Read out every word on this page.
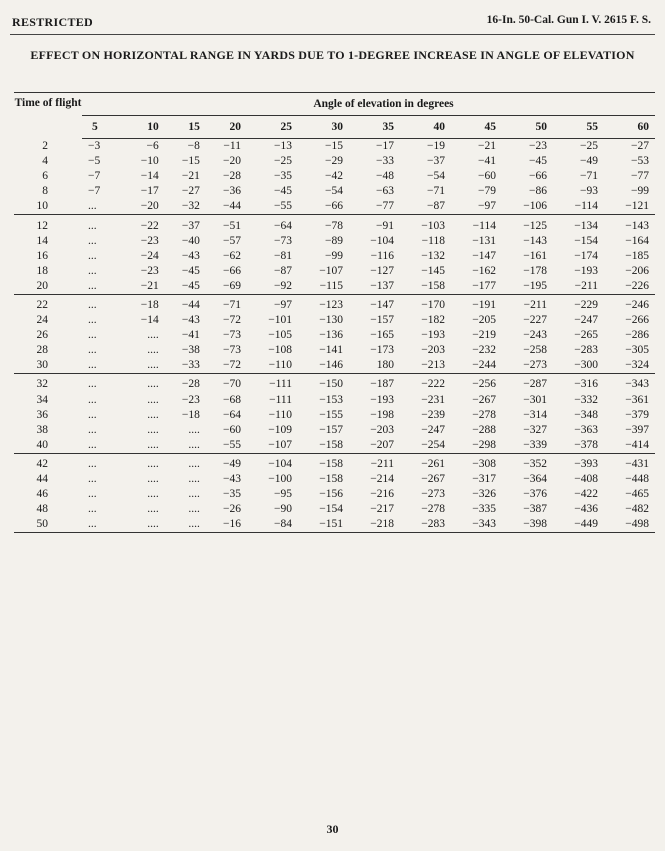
RESTRICTED	16-In. 50-Cal. Gun I. V. 2615 F. S.
EFFECT ON HORIZONTAL RANGE IN YARDS DUE TO 1-DEGREE INCREASE IN ANGLE OF ELEVATION
Time of flight	Angle of elevation in degrees											
	5	10	15	20	25	30	35	40	45	50	55	60
2	−3	−6	−8	−11	−13	−15	−17	−19	−21	−23	−25	−27
4	−5	−10	−15	−20	−25	−29	−33	−37	−41	−45	−49	−53
6	−7	−14	−21	−28	−35	−42	−48	−54	−60	−66	−71	−77
8	−7	−17	−27	−36	−45	−54	−63	−71	−79	−86	−93	−99
10	...	−20	−32	−44	−55	−66	−77	−87	−97	−106	−114	−121
12	...	−22	−37	−51	−64	−78	−91	−103	−114	−125	−134	−143
14	...	−23	−40	−57	−73	−89	−104	−118	−131	−143	−154	−164
16	...	−24	−43	−62	−81	−99	−116	−132	−147	−161	−174	−185
18	...	−23	−45	−66	−87	−107	−127	−145	−162	−178	−193	−206
20	...	−21	−45	−69	−92	−115	−137	−158	−177	−195	−211	−226
22	...	−18	−44	−71	−97	−123	−147	−170	−191	−211	−229	−246
24	...	−14	−43	−72	−101	−130	−157	−182	−205	−227	−247	−266
26	...	....	−41	−73	−105	−136	−165	−193	−219	−243	−265	−286
28	...	....	−38	−73	−108	−141	−173	−203	−232	−258	−283	−305
30	...	....	−33	−72	−110	−146	180	−213	−244	−273	−300	−324
32	...	....	−28	−70	−111	−150	−187	−222	−256	−287	−316	−343
34	...	....	−23	−68	−111	−153	−193	−231	−267	−301	−332	−361
36	...	....	−18	−64	−110	−155	−198	−239	−278	−314	−348	−379
38	...	....	....	−60	−109	−157	−203	−247	−288	−327	−363	−397
40	...	....	....	−55	−107	−158	−207	−254	−298	−339	−378	−414
42	...	....	....	−49	−104	−158	−211	−261	−308	−352	−393	−431
44	...	....	....	−43	−100	−158	−214	−267	−317	−364	−408	−448
46	...	....	....	−35	−95	−156	−216	−273	−326	−376	−422	−465
48	...	....	....	−26	−90	−154	−217	−278	−335	−387	−436	−482
50	...	....	....	−16	−84	−151	−218	−283	−343	−398	−449	−498
30
